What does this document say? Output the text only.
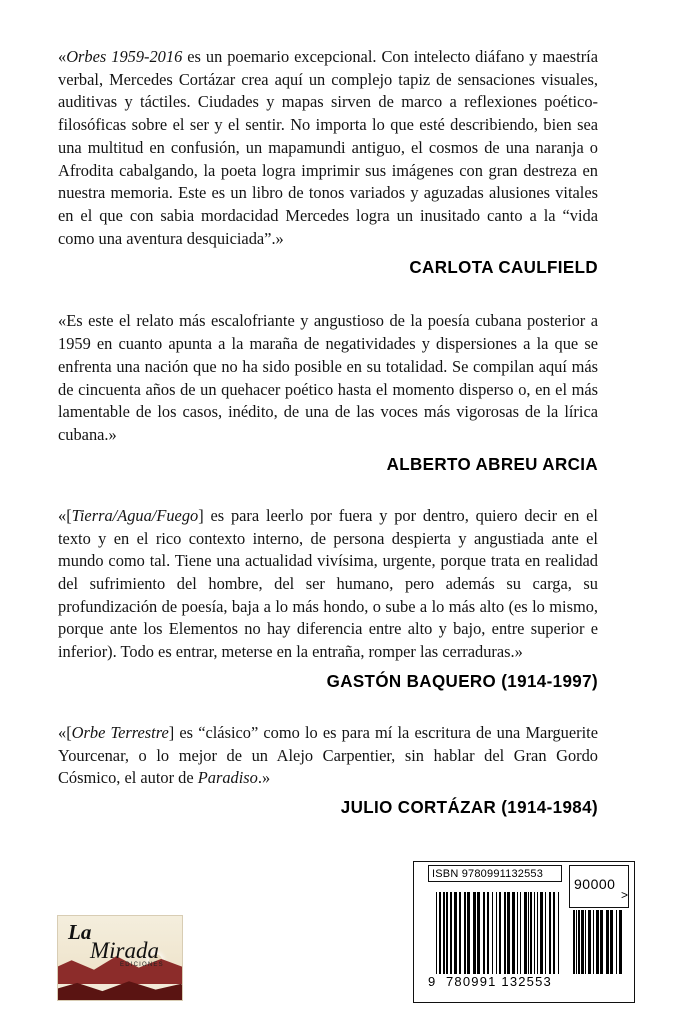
«Orbes 1959-2016 es un poemario excepcional. Con intelecto diáfano y maestría verbal, Mercedes Cortázar crea aquí un complejo tapiz de sensaciones visuales, auditivas y táctiles. Ciudades y mapas sirven de marco a reflexiones poético-filosóficas sobre el ser y el sentir. No importa lo que esté describiendo, bien sea una multitud en confusión, un mapamundi antiguo, el cosmos de una naranja o Afrodita cabalgando, la poeta logra imprimir sus imágenes con gran destreza en nuestra memoria. Este es un libro de tonos variados y aguzadas alusiones vitales en el que con sabia mordacidad Mercedes logra un inusitado canto a la “vida como una aventura desquiciada”.»

CARLOTA CAULFIELD

«Es este el relato más escalofriante y angustioso de la poesía cubana posterior a 1959 en cuanto apunta a la maraña de negatividades y dispersiones a la que se enfrenta una nación que no ha sido posible en su totalidad. Se compilan aquí más de cincuenta años de un quehacer poético hasta el momento disperso o, en el más lamentable de los casos, inédito, de una de las voces más vigorosas de la lírica cubana.»

ALBERTO ABREU ARCIA

«[Tierra/Agua/Fuego] es para leerlo por fuera y por dentro, quiero decir en el texto y en el rico contexto interno, de persona despierta y angustiada ante el mundo como tal. Tiene una actualidad vivísima, urgente, porque trata en realidad del sufrimiento del hombre, del ser humano, pero además su carga, su profundización de poesía, baja a lo más hondo, o sube a lo más alto (es lo mismo, porque ante los Elementos no hay diferencia entre alto y bajo, entre superior e inferior). Todo es entrar, meterse en la entraña, romper las cerraduras.»

GASTÓN BAQUERO (1914-1997)

«[Orbe Terrestre] es “clásico” como lo es para mí la escritura de una Marguerite Yourcenar, o lo mejor de un Alejo Carpentier, sin hablar del Gran Gordo Cósmico, el autor de Paradiso.»

JULIO CORTÁZAR (1914-1984)
La
Mirada
EDICIONES
ISBN 9780991132553
90000
>
9 780991 132553
